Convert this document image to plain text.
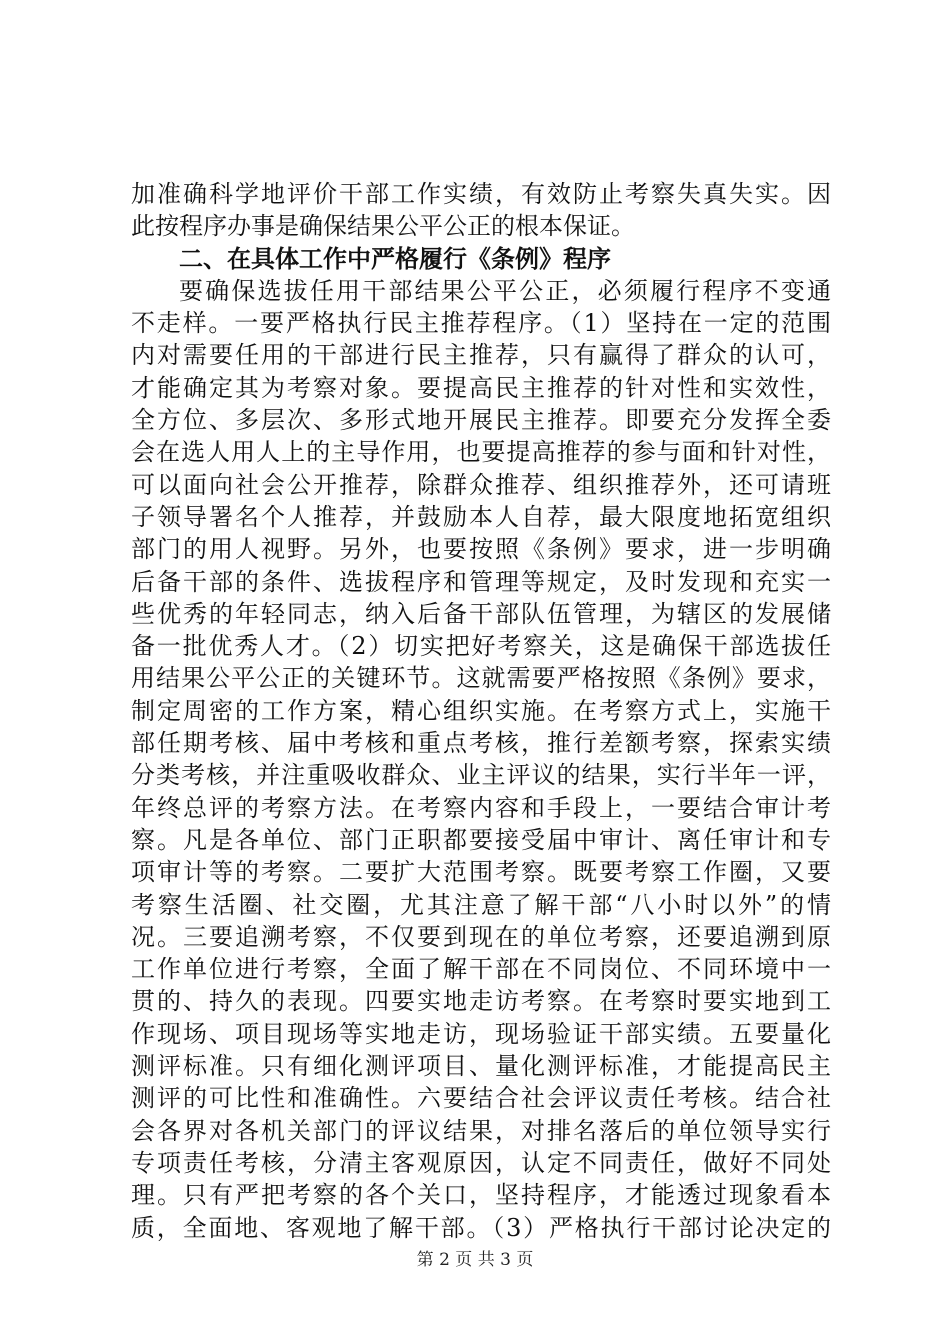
加准确科学地评价干部工作实绩，有效防止考察失真失实。因
此按程序办事是确保结果公平公正的根本保证。
二、在具体工作中严格履行《条例》程序
要确保选拔任用干部结果公平公正，必须履行程序不变通
不走样。一要严格执行民主推荐程序。（1）坚持在一定的范围
内对需要任用的干部进行民主推荐，只有赢得了群众的认可，
才能确定其为考察对象。要提高民主推荐的针对性和实效性，
全方位、多层次、多形式地开展民主推荐。即要充分发挥全委
会在选人用人上的主导作用，也要提高推荐的参与面和针对性，
可以面向社会公开推荐，除群众推荐、组织推荐外，还可请班
子领导署名个人推荐，并鼓励本人自荐，最大限度地拓宽组织
部门的用人视野。另外，也要按照《条例》要求，进一步明确
后备干部的条件、选拔程序和管理等规定，及时发现和充实一
些优秀的年轻同志，纳入后备干部队伍管理，为辖区的发展储
备一批优秀人才。（2）切实把好考察关，这是确保干部选拔任
用结果公平公正的关键环节。这就需要严格按照《条例》要求，
制定周密的工作方案，精心组织实施。在考察方式上，实施干
部任期考核、届中考核和重点考核，推行差额考察，探索实绩
分类考核，并注重吸收群众、业主评议的结果，实行半年一评，
年终总评的考察方法。在考察内容和手段上，一要结合审计考
察。凡是各单位、部门正职都要接受届中审计、离任审计和专
项审计等的考察。二要扩大范围考察。既要考察工作圈，又要
考察生活圈、社交圈，尤其注意了解干部“八小时以外”的情
况。三要追溯考察，不仅要到现在的单位考察，还要追溯到原
工作单位进行考察，全面了解干部在不同岗位、不同环境中一
贯的、持久的表现。四要实地走访考察。在考察时要实地到工
作现场、项目现场等实地走访，现场验证干部实绩。五要量化
测评标准。只有细化测评项目、量化测评标准，才能提高民主
测评的可比性和准确性。六要结合社会评议责任考核。结合社
会各界对各机关部门的评议结果，对排名落后的单位领导实行
专项责任考核，分清主客观原因，认定不同责任，做好不同处
理。只有严把考察的各个关口，坚持程序，才能透过现象看本
质，全面地、客观地了解干部。（3）严格执行干部讨论决定的
第 2 页 共 3 页
